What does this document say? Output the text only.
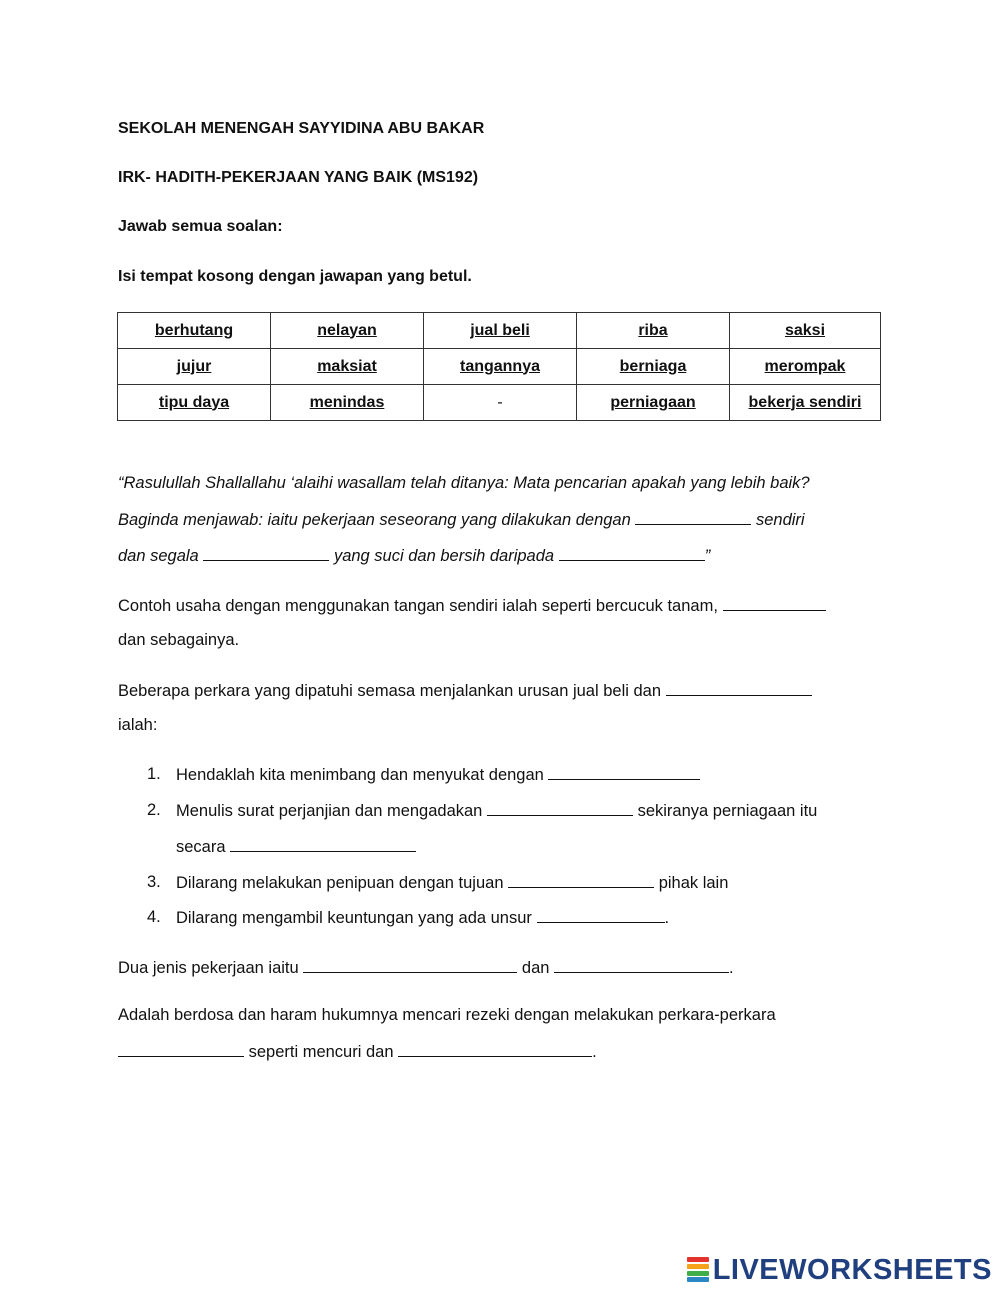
SEKOLAH MENENGAH SAYYIDINA ABU BAKAR
IRK- HADITH-PEKERJAAN YANG BAIK (MS192)
Jawab semua soalan:
Isi tempat kosong dengan jawapan yang betul.
berhutang	nelayan	jual beli	riba	saksi
jujur	maksiat	tangannya	berniaga	merompak
tipu daya	menindas	-	perniagaan	bekerja sendiri
“Rasulullah Shallallahu ‘alaihi wasallam telah ditanya: Mata pencarian apakah yang lebih baik?
Baginda menjawab: iaitu pekerjaan seseorang yang dilakukan dengan	sendiri
dan segala	yang suci dan bersih daripada	”
Contoh usaha dengan menggunakan tangan sendiri ialah seperti bercucuk tanam,
dan sebagainya.
Beberapa perkara yang dipatuhi semasa menjalankan urusan jual beli dan
ialah:
1. Hendaklah kita menimbang dan menyukat dengan
2. Menulis surat perjanjian dan mengadakan	sekiranya perniagaan itu
secara
3. Dilarang melakukan penipuan dengan tujuan	pihak lain
4. Dilarang mengambil keuntungan yang ada unsur	.
Dua jenis pekerjaan iaitu	dan	.
Adalah berdosa dan haram hukumnya mencari rezeki dengan melakukan perkara-perkara
seperti mencuri dan	.
LIVEWORKSHEETS
